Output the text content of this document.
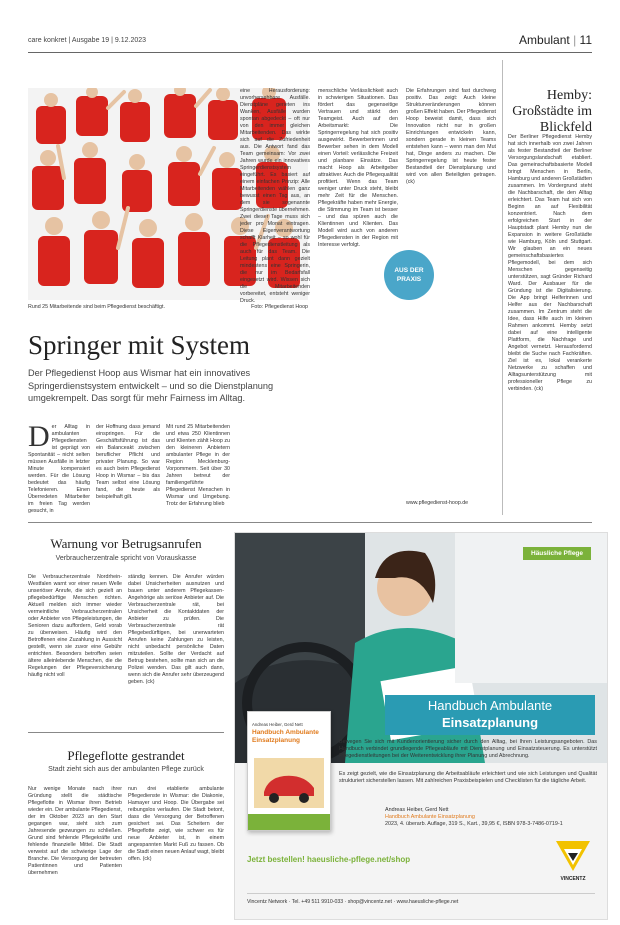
care konkret | Ausgabe 19 | 9.12.2023	Ambulant | 11
Rund 25 Mitarbeitende sind beim Pflegedienst beschäftigt.	Foto: Pflegedienst Hoop
Springer mit System
Der Pflegedienst Hoop aus Wismar hat ein innovatives Springerdienstsystem entwickelt – und so die Dienstplanung umgekrempelt. Das sorgt für mehr Fairness im Alltag.
Der Alltag in ambulanten Pflegediensten ist geprägt von Spontanität – nicht selten müssen Ausfälle in letzter Minute kompensiert werden. Für die Lösung bedeutet das häufig Telefonieren. Einen Überredeten Mitarbeiter im freien Tag werden gesucht, in
der Hoffnung dass jemand einspringen. Für die Geschäftsführung ist das ein Balanceakt zwischen beruflicher Pflicht und privater Planung. So war es auch beim Pflegedienst Hoop in Wismar – bis das Team selbst eine Lösung fand, die heute als beispielhaft gilt.
Mit rund 25 Mitarbeitenden und etwa 250 Klientinnen und Klienten zählt Hoop zu den kleineren Anbietern ambulanter Pflege in der Region Mecklenburg-Vorpommern. Seit über 30 Jahren betreut der familiengeführte Pflegedienst Menschen in Wismar und Umgebung. Trotz der Erfahrung blieb
eine Herausforderung: unvorhersehbare Ausfälle. Dienstpläne gerieten ins Wanken, Ausfälle wurden spontan abgedeckt – oft nur von den immer gleichen Mitarbeitenden. Das wirkte sich auf die Zufriedenheit aus. Die Antwort fand das Team gemeinsam: Vor zwei Jahren wurde ein innovatives Springerdienstsystem eingeführt. Es basiert auf einem einfachen Prinzip: Alle Mitarbeitenden wählen ganz bewusst einen Tag aus, an dem sie sogenannte Springerdienste übernehmen. Zwei dieser Tage muss sich jeder pro Monat eintragen. Diese Eigenverantwortung schafft Klarheit – so wohl für die Pflegedienstleitung als auch für das Team. Die Leitung plant dann gezielt mindestens eine Springerin, die nur im Bedarfsfall eingesetzt wird. Wissen sich die Mitarbeitenden vorbereitet, entsteht weniger Druck.
menschliche Verlässlichkeit auch in schwierigen Situationen. Das fördert das gegenseitige Vertrauen und stärkt den Teamgeist. Auch auf den Arbeitsmarkt: Die Springerregelung hat sich positiv ausgewirkt. Bewerberinnen und Bewerber sehen in dem Modell einen Vorteil: verlässliche Freizeit und planbare Einsätze. Das macht Hoop als Arbeitgeber attraktiver. Auch die Pflegequalität profitiert. Wenn das Team weniger unter Druck steht, bleibt mehr Zeit für die Menschen. Pflegekräfte haben mehr Energie, die Stimmung im Team ist besser – und das spüren auch die Klientinnen und Klienten. Das Modell wird auch von anderen Pflegediensten in der Region mit Interesse verfolgt.
Die Erfahrungen sind fast durchweg positiv. Das zeigt: Auch kleine Strukturveränderungen können großen Effekt haben. Der Pflegedienst Hoop beweist damit, dass sich Innovation nicht nur in großen Einrichtungen entwickeln kann, sondern gerade in kleinen Teams entstehen kann – wenn man den Mut hat, Dinge anders zu machen. Die Springerregelung ist heute fester Bestandteil der Dienstplanung und wird von allen Beteiligten getragen. (ck)
www.pflegedienst-hoop.de
AUS DER
PRAXIS
Hemby: Großstädte im Blickfeld
Der Berliner Pflegedienst Hemby hat sich innerhalb von zwei Jahren als fester Bestandteil der Berliner Versorgungslandschaft etabliert. Das gemeinschaftsbasierte Modell bringt Menschen in Berlin, Hamburg und anderen Großstädten zusammen. Im Vordergrund steht die Nachbarschaft, die den Alltag erleichtert. Das Team hat sich von Beginn an auf Flexibilität konzentriert. Nach dem erfolgreichen Start in der Hauptstadt plant Hemby nun die Expansion in weitere Großstädte wie Hamburg, Köln und Stuttgart. Wir glauben an ein neues gemeinschaftsbasiertes Pflegemodell, bei dem sich Menschen gegenseitig unterstützen, sagt Gründer Richard Ward. Der Ausbauer für die Gründung ist die Digitalisierung. Die App bringt Helferinnen und Helfer aus der Nachbarschaft zusammen. Im Zentrum steht die Idee, dass Hilfe auch im kleinen Rahmen ankommt. Hemby setzt dabei auf eine intelligente Plattform, die Nachfrage und Angebot vernetzt. Herausfordernd bleibt die Suche nach Fachkräften. Ziel ist es, lokal verankerte Netzwerke zu schaffen und Alltagsunterstützung mit professioneller Pflege zu verbinden. (ck)
Warnung vor Betrugsanrufen
Verbraucherzentrale spricht von Vorauskasse
Die Verbraucherzentrale Nordrhein-Westfalen warnt vor einer neuen Welle unseriöser Anrufe, die sich gezielt an pflegebedürftige Menschen richten. Aktuell melden sich immer wieder vermeintliche Verbraucherzentralen oder Anbieter von Pflegeleistungen, die Senioren dazu auffordern, Geld vorab zu überweisen. Häufig wird den Betroffenen eine Zuzahlung in Aussicht gestellt, wenn sie zuvor eine Gebühr entrichten. Besonders betroffen seien ältere alleinlebende Menschen, die die Regelungen der Pflegeversicherung häufig nicht voll
ständig kennen. Die Anrufer würden dabei Unsicherheiten ausnutzen und bauen unter anderem Pflegekassen-Angehörige als seriöse Anbieter auf. Die Verbraucherzentrale rät, bei Unsicherheit die Kontaktdaten der Anbieter zu prüfen. Die Verbraucherzentrale rät Pflegebedürftigen, bei unerwarteten Anrufen keine Zahlungen zu leisten, nicht unbedacht persönliche Daten mitzuteilen. Sollte der Verdacht auf Betrug bestehen, sollte man sich an die Polizei wenden. Das gilt auch dann, wenn sich die Anrufer sehr überzeugend geben. (ck)
Pflegeflotte gestrandet
Stadt zieht sich aus der ambulanten Pflege zurück
Nur wenige Monate nach ihrer Gründung stellt die städtische Pflegeflotte in Wismar ihren Betrieb wieder ein. Der ambulante Pflegedienst, der im Oktober 2023 an den Start gegangen war, sieht sich zum Jahresende gezwungen zu schließen. Grund sind fehlende Pflegekräfte und fehlende finanzielle Mittel. Die Stadt verweist auf die schwierige Lage der Branche. Die Versorgung der betreuten Patientinnen und Patienten übernehmen
nun drei etablierte ambulante Pflegedienste in Wismar: die Diakonie, Hamayer und Hoop. Die Übergabe sei reibungslos verlaufen. Die Stadt betont, dass die Versorgung der Betroffenen gesichert sei. Das Scheitern der Pflegeflotte zeigt, wie schwer es für neue Anbieter ist, in einem angespannten Markt Fuß zu fassen. Ob die Stadt einen neuen Anlauf wagt, bleibt offen. (ck)
Häusliche Pflege
Handbuch Ambulante
Einsatzplanung
Andreas Heiber, Gerd Nett
Handbuch Ambulante Einsatzplanung	Bewegen Sie sich mit Kundenorientierung sicher durch den Alltag, bei Ihren Leistungsangeboten. Das Handbuch verbindet grundlegende Pflegeabläufe mit Dienstplanung und Einsatzsteuerung. Es unterstützt Pflegedienstleitungen bei der Weiterentwicklung ihrer Planung und Abrechnung.
Es zeigt gezielt, wie die Einsatzplanung die Arbeitsabläufe erleichtert und wie sich Leistungen und Qualität strukturiert sicherstellen lassen. Mit zahlreichen Praxisbeispielen und Checklisten für die tägliche Arbeit.
Andreas Heiber, Gerd Nett
Handbuch Ambulante Einsatzplanung
2023, 4. überarb. Auflage, 319 S., Kart., 39,95 €, ISBN 978-3-7486-0719-1
Jetzt bestellen! haeusliche-pflege.net/shop
VINCENTZ
Vincentz Network · Tel. +49 511 9910-033 · shop@vincentz.net · www.haeusliche-pflege.net
